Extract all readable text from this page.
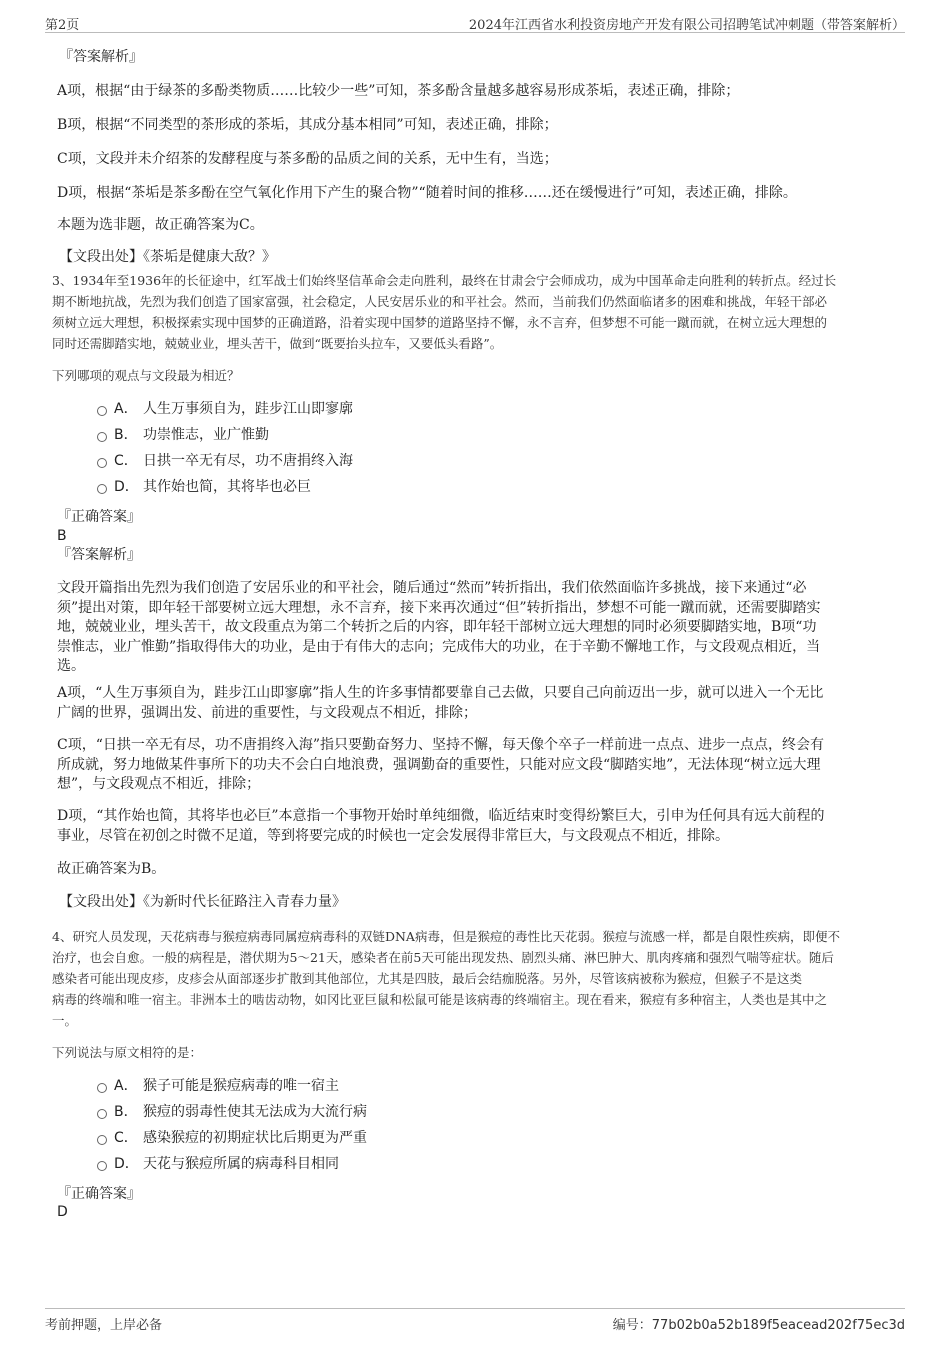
第2页	2024年江西省水利投资房地产开发有限公司招聘笔试冲刺题（带答案解析）
『答案解析』
A项，根据“由于绿茶的多酚类物质……比较少一些”可知，茶多酚含量越多越容易形成茶垢，表述正确，排除；
B项，根据“不同类型的茶形成的茶垢，其成分基本相同”可知，表述正确，排除；
C项，文段并未介绍茶的发酵程度与茶多酚的品质之间的关系，无中生有，当选；
D项，根据“茶垢是茶多酚在空气氧化作用下产生的聚合物”“随着时间的推移……还在缓慢进行”可知，表述正确，排除。
本题为选非题，故正确答案为C。
【文段出处】《茶垢是健康大敌？》

3、1934年至1936年的长征途中，红军战士们始终坚信革命会走向胜利，最终在甘肃会宁会师成功，成为中国革命走向胜利的转折点。经过长

期不断地抗战，先烈为我们创造了国家富强，社会稳定，人民安居乐业的和平社会。然而，当前我们仍然面临诸多的困难和挑战，年轻干部必

须树立远大理想，积极探索实现中国梦的正确道路，沿着实现中国梦的道路坚持不懈，永不言弃，但梦想不可能一蹴而就，在树立远大理想的

同时还需脚踏实地，兢兢业业，埋头苦干，做到“既要抬头拉车，又要低头看路”。

下列哪项的观点与文段最为相近？
A． 人生万事须自为，跬步江山即寥廓
B． 功崇惟志，业广惟勤
C． 日拱一卒无有尽，功不唐捐终入海
D． 其作始也简，其将毕也必巨
『正确答案』
B
『答案解析』

文段开篇指出先烈为我们创造了安居乐业的和平社会，随后通过“然而”转折指出，我们依然面临许多挑战，接下来通过“必

须”提出对策，即年轻干部要树立远大理想，永不言弃，接下来再次通过“但”转折指出，梦想不可能一蹴而就，还需要脚踏实

地，兢兢业业，埋头苦干，故文段重点为第二个转折之后的内容，即年轻干部树立远大理想的同时必须要脚踏实地，B项“功

崇惟志，业广惟勤”指取得伟大的功业，是由于有伟大的志向；完成伟大的功业，在于辛勤不懈地工作，与文段观点相近，当

选。

A项，“人生万事须自为，跬步江山即寥廓”指人生的许多事情都要靠自己去做，只要自己向前迈出一步，就可以进入一个无比

广阔的世界，强调出发、前进的重要性，与文段观点不相近，排除；

C项，“日拱一卒无有尽，功不唐捐终入海”指只要勤奋努力、坚持不懈，每天像个卒子一样前进一点点、进步一点点，终会有

所成就，努力地做某件事所下的功夫不会白白地浪费，强调勤奋的重要性，只能对应文段“脚踏实地”，无法体现“树立远大理

想”，与文段观点不相近，排除；

D项，“其作始也简，其将毕也必巨”本意指一个事物开始时单纯细微，临近结束时变得纷繁巨大，引申为任何具有远大前程的

事业，尽管在初创之时微不足道，等到将要完成的时候也一定会发展得非常巨大，与文段观点不相近，排除。

故正确答案为B。
【文段出处】《为新时代长征路注入青春力量》

4、研究人员发现，天花病毒与猴痘病毒同属痘病毒科的双链DNA病毒，但是猴痘的毒性比天花弱。猴痘与流感一样，都是自限性疾病，即便不

治疗，也会自愈。一般的病程是，潜伏期为5～21天，感染者在前5天可能出现发热、剧烈头痛、淋巴肿大、肌肉疼痛和强烈气喘等症状。随后

感染者可能出现皮疹，皮疹会从面部逐步扩散到其他部位，尤其是四肢，最后会结痂脱落。另外，尽管该病被称为猴痘，但猴子不是这类

病毒的终端和唯一宿主。非洲本土的啮齿动物，如冈比亚巨鼠和松鼠可能是该病毒的终端宿主。现在看来，猴痘有多种宿主，人类也是其中之

一。

下列说法与原文相符的是：
A． 猴子可能是猴痘病毒的唯一宿主
B． 猴痘的弱毒性使其无法成为大流行病
C． 感染猴痘的初期症状比后期更为严重
D． 天花与猴痘所属的病毒科目相同
『正确答案』
D
考前押题，上岸必备	编号：77b02b0a52b189f5eacead202f75ec3d
